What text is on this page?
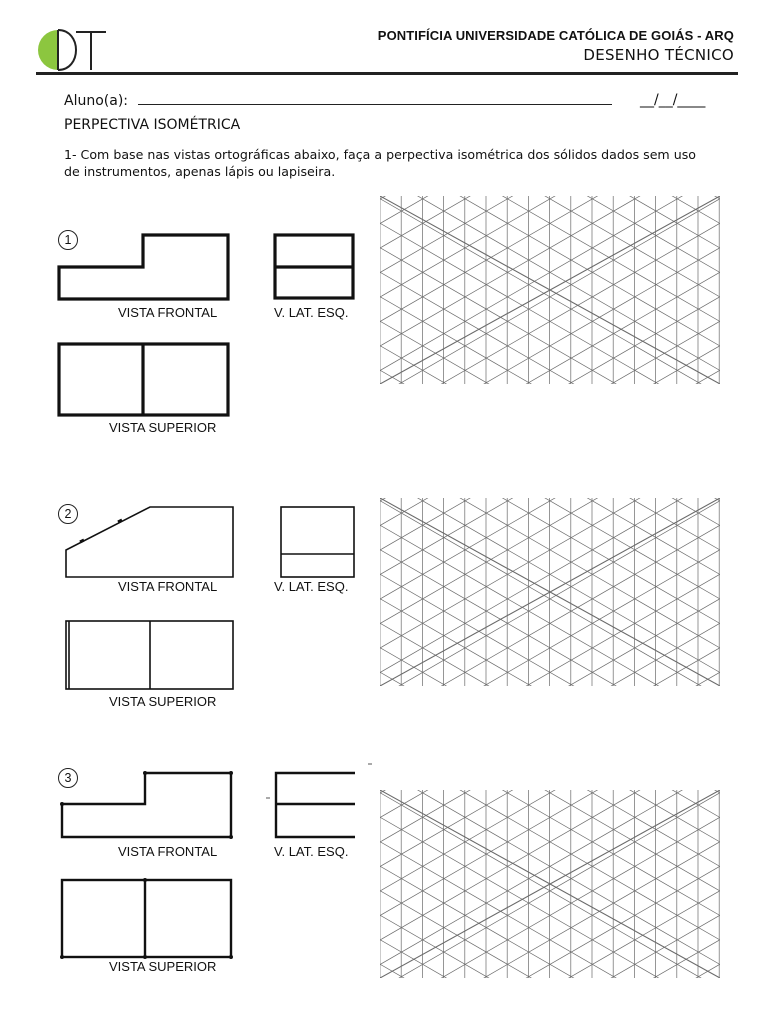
PONTIFÍCIA UNIVERSIDADE CATÓLICA DE GOIÁS - ARQ
DESENHO TÉCNICO
Aluno(a):	__/__/____
PERPECTIVA ISOMÉTRICA
1- Com base nas vistas ortográficas abaixo, faça a perpectiva isométrica dos sólidos dados sem uso de instrumentos, apenas lápis ou lapiseira.
1
VISTA FRONTAL	V. LAT. ESQ.
VISTA SUPERIOR
2
VISTA FRONTAL	V. LAT. ESQ.
VISTA SUPERIOR
3
VISTA FRONTAL	V. LAT. ESQ.
VISTA SUPERIOR
